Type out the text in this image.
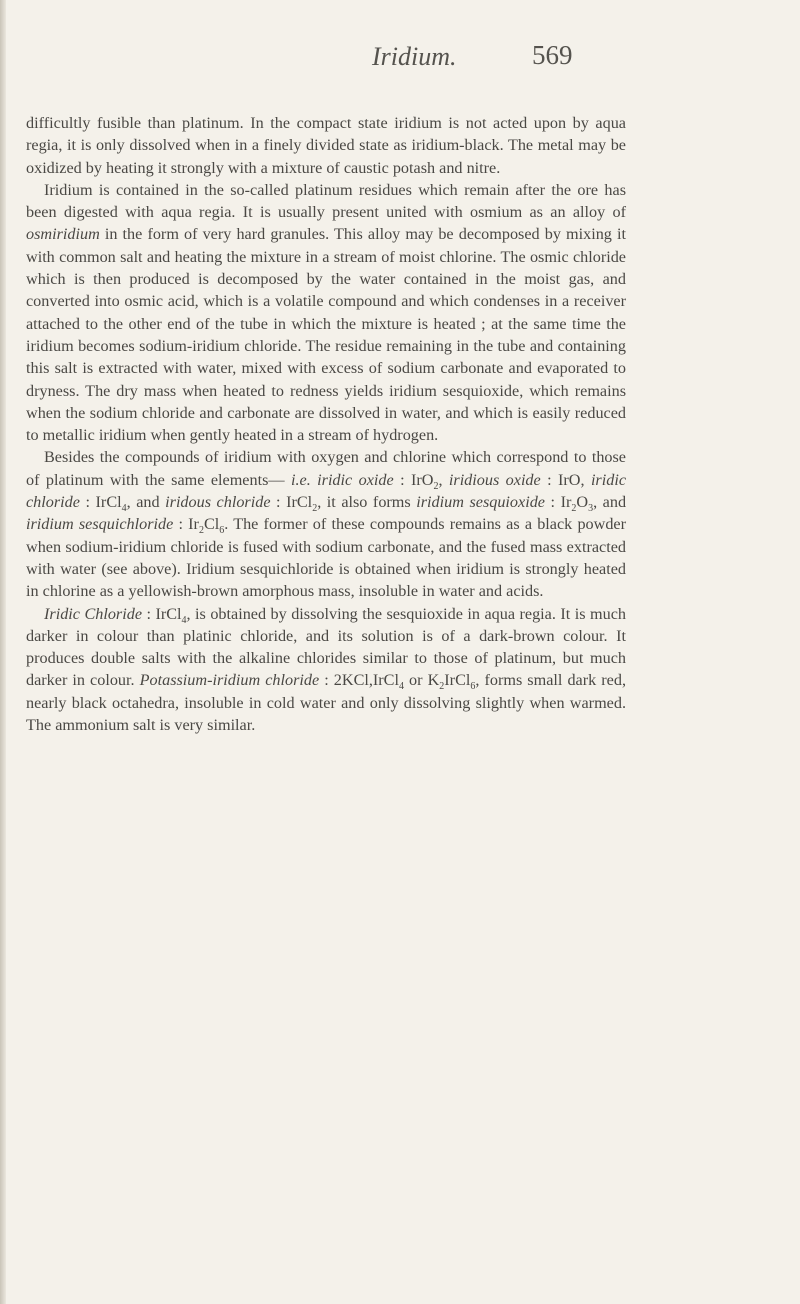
Iridium.	569

difficultly fusible than platinum. In the compact state iridium is not acted upon by aqua regia, it is only dissolved when in a finely divided state as iridium-black. The metal may be oxidized by heating it strongly with a mixture of caustic potash and nitre.

Iridium is contained in the so-called platinum residues which remain after the ore has been digested with aqua regia. It is usually present united with osmium as an alloy of osmiridium in the form of very hard granules. This alloy may be decomposed by mixing it with common salt and heating the mixture in a stream of moist chlorine. The osmic chloride which is then produced is decomposed by the water contained in the moist gas, and converted into osmic acid, which is a volatile compound and which condenses in a receiver attached to the other end of the tube in which the mixture is heated ; at the same time the iridium becomes sodium-iridium chloride. The residue remaining in the tube and containing this salt is extracted with water, mixed with excess of sodium carbonate and evaporated to dryness. The dry mass when heated to redness yields iridium sesquioxide, which remains when the sodium chloride and carbonate are dissolved in water, and which is easily reduced to metallic iridium when gently heated in a stream of hydrogen.

Besides the compounds of iridium with oxygen and chlorine which correspond to those of platinum with the same elements— i.e. iridic oxide : IrO$_2$, iridious oxide : IrO, iridic chloride : IrCl$_4$, and iridous chloride : IrCl$_2$, it also forms iridium sesquioxide : $Ir_2O_3$, and iridium sesquichloride : $Ir_2Cl_6$. The former of these compounds remains as a black powder when sodium-iridium chloride is fused with sodium carbonate, and the fused mass extracted with water (see above). Iridium sesquichloride is obtained when iridium is strongly heated in chlorine as a yellowish-brown amorphous mass, insoluble in water and acids.

Iridic Chloride : IrCl$_4$, is obtained by dissolving the sesquioxide in aqua regia. It is much darker in colour than platinic chloride, and its solution is of a dark-brown colour. It produces double salts with the alkaline chlorides similar to those of platinum, but much darker in colour. Potassium-iridium chloride : 2KCl,IrCl$_4$ or $K_2IrCl_6$, forms small dark red, nearly black octahedra, insoluble in cold water and only dissolving slightly when warmed. The ammonium salt is very similar.
